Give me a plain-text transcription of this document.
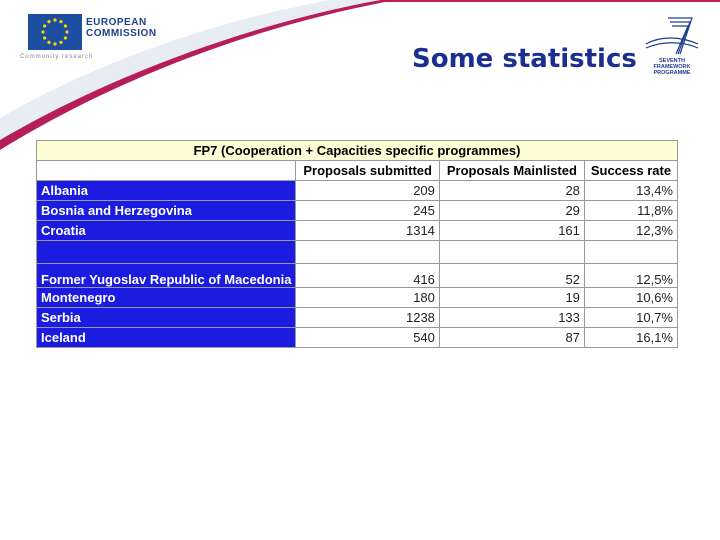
EUROPEAN
COMMISSION
Community research	Some statistics	SEVENTH FRAMEWORK PROGRAMME
FP7 (Cooperation + Capacities specific programmes)			
	Proposals submitted	Proposals Mainlisted	Success rate
Albania	209	28	13,4%
Bosnia and Herzegovina	245	29	11,8%
Croatia	1314	161	12,3%

Former Yugoslav Republic of Macedonia	416	52	12,5%
Montenegro	180	19	10,6%
Serbia	1238	133	10,7%
Iceland	540	87	16,1%
